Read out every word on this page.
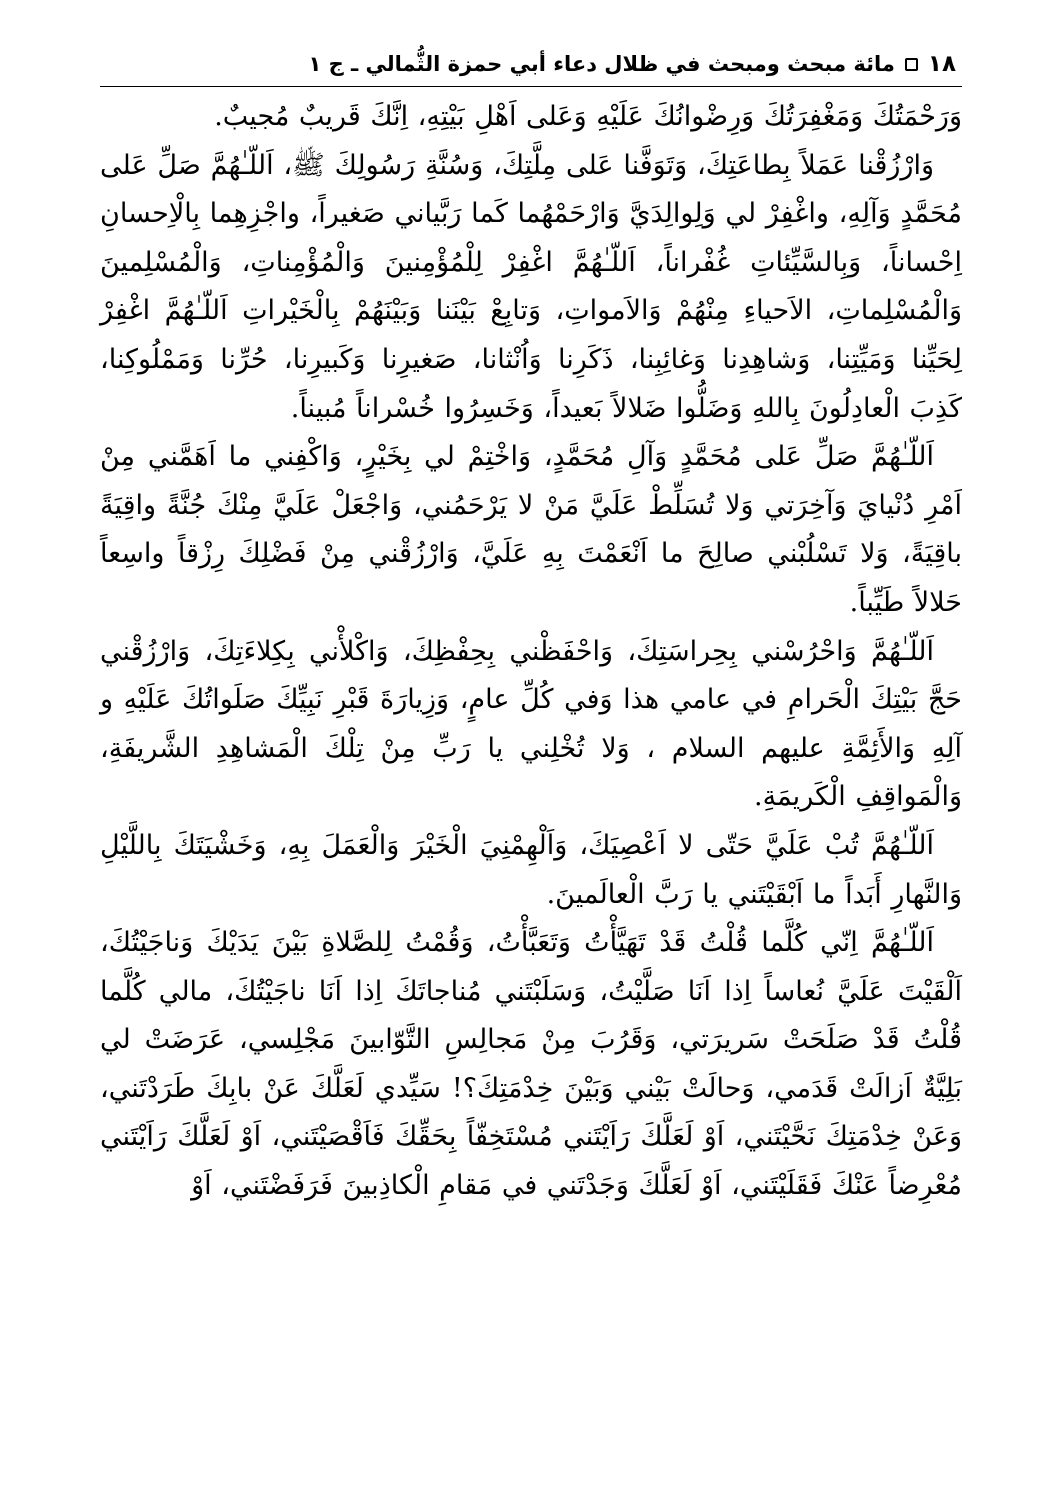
١٨
مائة مبحث ومبحث في ظلال دعاء أبي حمزة الثُّمالي ـ ج ١

وَرَحْمَتُكَ وَمَغْفِرَتُكَ وَرِضْوانُكَ عَلَيْهِ وَعَلى اَهْلِ بَيْتِهِ، اِنَّكَ قَريبٌ مُجيبٌ.

وَارْزُقْنا عَمَلاً بِطاعَتِكَ، وَتَوَفَّنا عَلى مِلَّتِكَ، وَسُنَّةِ رَسُولِكَ ﷺ، اَللّـٰهُمَّ صَلِّ عَلى مُحَمَّدٍ وَآلِهِ، واغْفِرْ لي وَلِوالِدَيَّ وَارْحَمْهُما كَما رَبَّياني صَغيراً، واجْزِهِما بِالْاِحسانِ اِحْساناً، وَبِالسَّيِّئاتِ غُفْراناً، اَللّـٰهُمَّ اغْفِرْ لِلْمُؤْمِنينَ وَالْمُؤْمِناتِ، وَالْمُسْلِمينَ وَالْمُسْلِماتِ، الاَحياءِ مِنْهُمْ وَالاَمواتِ، وَتابِعْ بَيْنَنا وَبَيْنَهُمْ بِالْخَيْراتِ اَللّـٰهُمَّ اغْفِرْ لِحَيِّنا وَمَيِّتِنا، وَشاهِدِنا وَغائِبِنا، ذَكَرِنا وَاُنْثانا، صَغيرِنا وَكَبيرِنا، حُرِّنا وَمَمْلُوكِنا، كَذِبَ الْعادِلُونَ بِاللهِ وَضَلُّوا ضَلالاً بَعيداً، وَخَسِرُوا خُسْراناً مُبيناً.

اَللّـٰهُمَّ صَلِّ عَلى مُحَمَّدٍ وَآلِ مُحَمَّدٍ، وَاخْتِمْ لي بِخَيْرٍ، وَاكْفِني ما اَهَمَّني مِنْ اَمْرِ دُنْيايَ وَآخِرَتي وَلا تُسَلِّطْ عَلَيَّ مَنْ لا يَرْحَمُني، وَاجْعَلْ عَلَيَّ مِنْكَ جُنَّةً واقِيَةً باقِيَةً، وَلا تَسْلُبْني صالِحَ ما اَنْعَمْتَ بِهِ عَلَيَّ، وَارْزُقْني مِنْ فَضْلِكَ رِزْقاً واسِعاً حَلالاً طَيِّباً.

اَللّـٰهُمَّ وَاحْرُسْني بِحِراسَتِكَ، وَاحْفَظْني بِحِفْظِكَ، وَاكْلأْني بِكِلاءَتِكَ، وَارْزُقْني حَجَّ بَيْتِكَ الْحَرامِ في عامي هذا وَفي كُلِّ عامٍ، وَزِيارَةَ قَبْرِ نَبِيِّكَ صَلَواتُكَ عَلَيْهِ و آلِهِ وَالأَئِمَّةِ عليهم السلام ، وَلا تُخْلِني يا رَبِّ مِنْ تِلْكَ الْمَشاهِدِ الشَّريفَةِ، وَالْمَواقِفِ الْكَريمَةِ.

اَللّـٰهُمَّ تُبْ عَلَيَّ حَتّى لا اَعْصِيَكَ، وَاَلْهِمْنِيَ الْخَيْرَ وَالْعَمَلَ بِهِ، وَخَشْيَتَكَ بِاللَّيْلِ وَالنَّهارِ أَبَداً ما اَبْقَيْتَني يا رَبَّ الْعالَمينَ.

اَللّـٰهُمَّ اِنّي كُلَّما قُلْتُ قَدْ تَهَيَّأْتُ وَتَعَبَّأْتُ، وَقُمْتُ لِلصَّلاةِ بَيْنَ يَدَيْكَ وَناجَيْتُكَ، اَلْقَيْتَ عَلَيَّ نُعاساً اِذا اَنَا صَلَّيْتُ، وَسَلَبْتَني مُناجاتَكَ اِذا اَنَا ناجَيْتُكَ، مالي كُلَّما قُلْتُ قَدْ صَلَحَتْ سَريرَتي، وَقَرُبَ مِنْ مَجالِسِ التَّوّابينَ مَجْلِسي، عَرَضَتْ لي بَلِيَّةٌ اَزالَتْ قَدَمي، وَحالَتْ بَيْني وَبَيْنَ خِدْمَتِكَ؟! سَيِّدي لَعَلَّكَ عَنْ بابِكَ طَرَدْتَني، وَعَنْ خِدْمَتِكَ نَحَّيْتَني، اَوْ لَعَلَّكَ رَاَيْتَني مُسْتَخِفّاً بِحَقِّكَ فَاَقْصَيْتَني، اَوْ لَعَلَّكَ رَاَيْتَني مُعْرِضاً عَنْكَ فَقَلَيْتَني، اَوْ لَعَلَّكَ وَجَدْتَني في مَقامِ الْكاذِبينَ فَرَفَضْتَني، اَوْ
